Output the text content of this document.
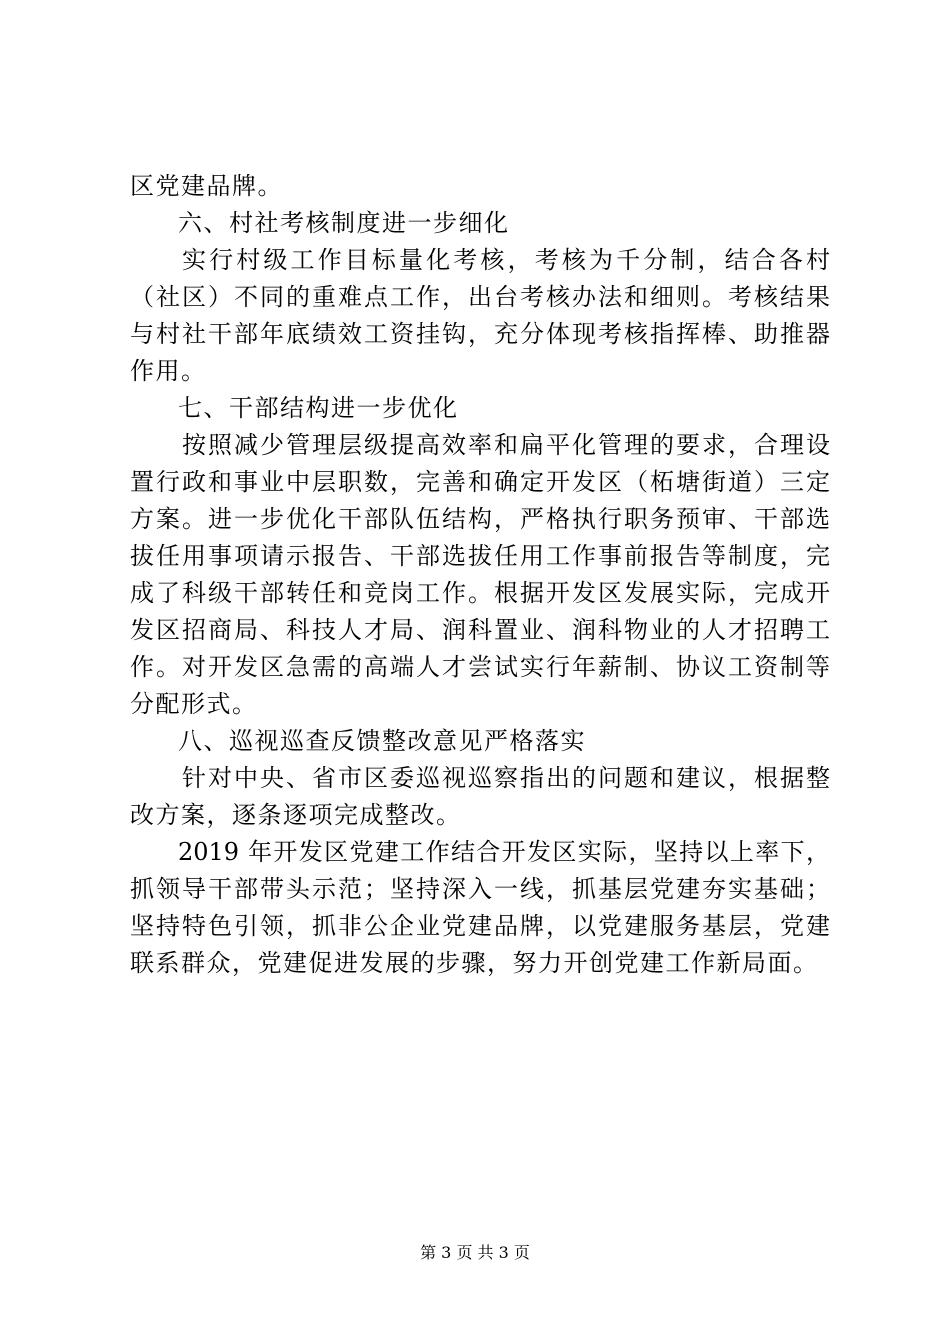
区党建品牌。
六、村社考核制度进一步细化
实行村级工作目标量化考核，考核为千分制，结合各村
（社区）不同的重难点工作，出台考核办法和细则。考核结果
与村社干部年底绩效工资挂钩，充分体现考核指挥棒、助推器
作用。
七、干部结构进一步优化
按照减少管理层级提高效率和扁平化管理的要求，合理设
置行政和事业中层职数，完善和确定开发区（柘塘街道）三定
方案。进一步优化干部队伍结构，严格执行职务预审、干部选
拔任用事项请示报告、干部选拔任用工作事前报告等制度，完
成了科级干部转任和竞岗工作。根据开发区发展实际，完成开
发区招商局、科技人才局、润科置业、润科物业的人才招聘工
作。对开发区急需的高端人才尝试实行年薪制、协议工资制等
分配形式。
八、巡视巡查反馈整改意见严格落实
针对中央、省市区委巡视巡察指出的问题和建议，根据整
改方案，逐条逐项完成整改。
2019 年开发区党建工作结合开发区实际，坚持以上率下，
抓领导干部带头示范；坚持深入一线，抓基层党建夯实基础；
坚持特色引领，抓非公企业党建品牌，以党建服务基层，党建
联系群众，党建促进发展的步骤，努力开创党建工作新局面。
第 3 页 共 3 页
